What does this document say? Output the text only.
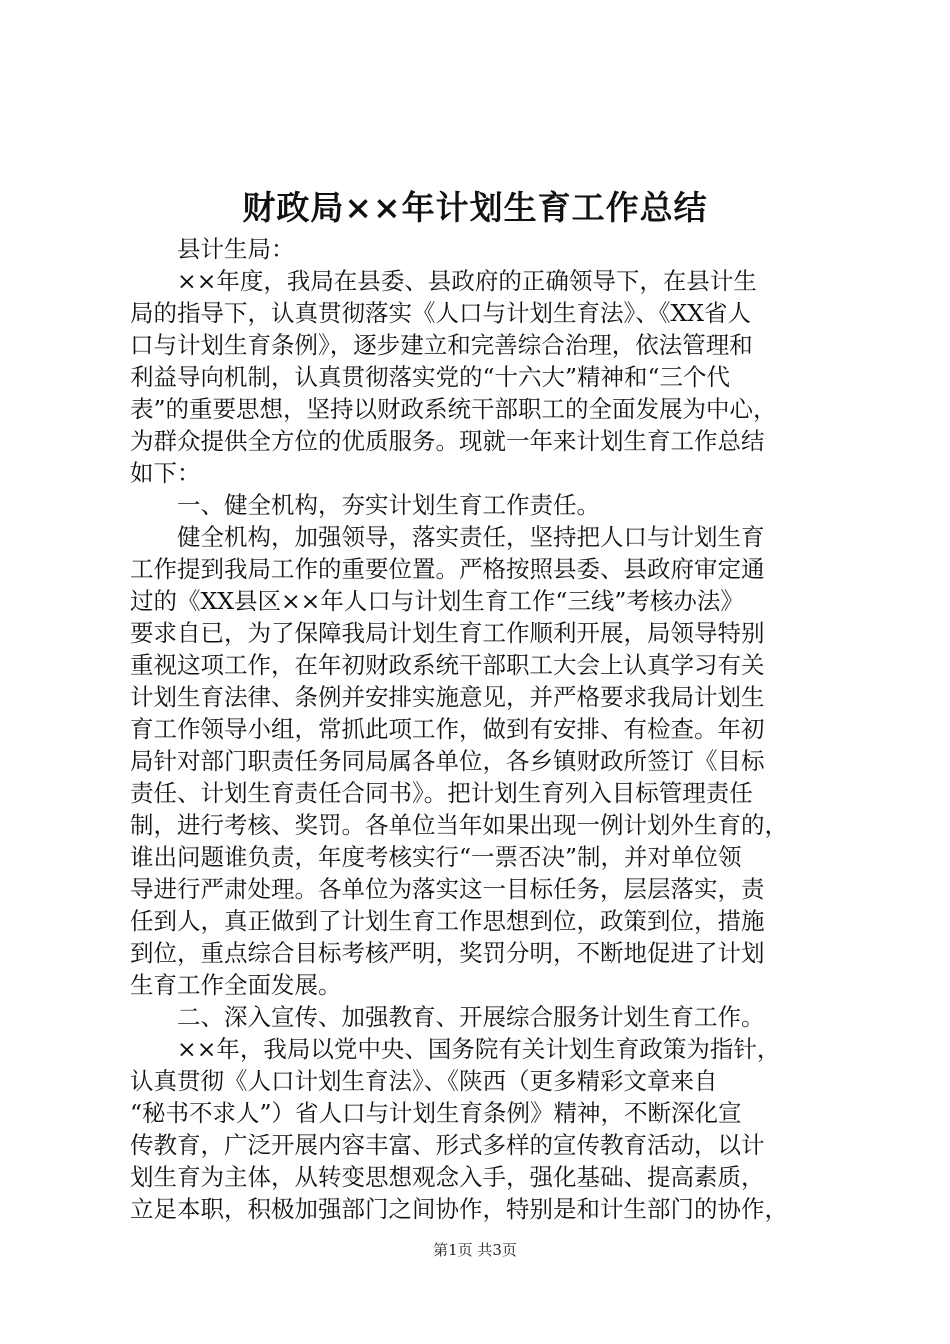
财政局××年计划生育工作总结

县计生局：

××年度，我局在县委、县政府的正确领导下，在县计生
局的指导下，认真贯彻落实《人口与计划生育法》、《XX省人
口与计划生育条例》，逐步建立和完善综合治理，依法管理和
利益导向机制，认真贯彻落实党的“十六大”精神和“三个代
表”的重要思想，坚持以财政系统干部职工的全面发展为中心，
为群众提供全方位的优质服务。现就一年来计划生育工作总结
如下：

一、健全机构，夯实计划生育工作责任。

健全机构，加强领导，落实责任，坚持把人口与计划生育
工作提到我局工作的重要位置。严格按照县委、县政府审定通
过的《XX县区××年人口与计划生育工作“三线”考核办法》
要求自已，为了保障我局计划生育工作顺利开展，局领导特别
重视这项工作，在年初财政系统干部职工大会上认真学习有关
计划生育法律、条例并安排实施意见，并严格要求我局计划生
育工作领导小组，常抓此项工作，做到有安排、有检查。年初
局针对部门职责任务同局属各单位，各乡镇财政所签订《目标
责任、计划生育责任合同书》。把计划生育列入目标管理责任
制，进行考核、奖罚。各单位当年如果出现一例计划外生育的，
谁出问题谁负责，年度考核实行“一票否决”制，并对单位领
导进行严肃处理。各单位为落实这一目标任务，层层落实，责
任到人，真正做到了计划生育工作思想到位，政策到位，措施
到位，重点综合目标考核严明，奖罚分明，不断地促进了计划
生育工作全面发展。

二、深入宣传、加强教育、开展综合服务计划生育工作。

××年，我局以党中央、国务院有关计划生育政策为指针，
认真贯彻《人口计划生育法》、《陕西（更多精彩文章来自
“秘书不求人”）省人口与计划生育条例》精神，不断深化宣
传教育，广泛开展内容丰富、形式多样的宣传教育活动，以计
划生育为主体，从转变思想观念入手，强化基础、提高素质，
立足本职，积极加强部门之间协作，特别是和计生部门的协作，

第1页 共3页
